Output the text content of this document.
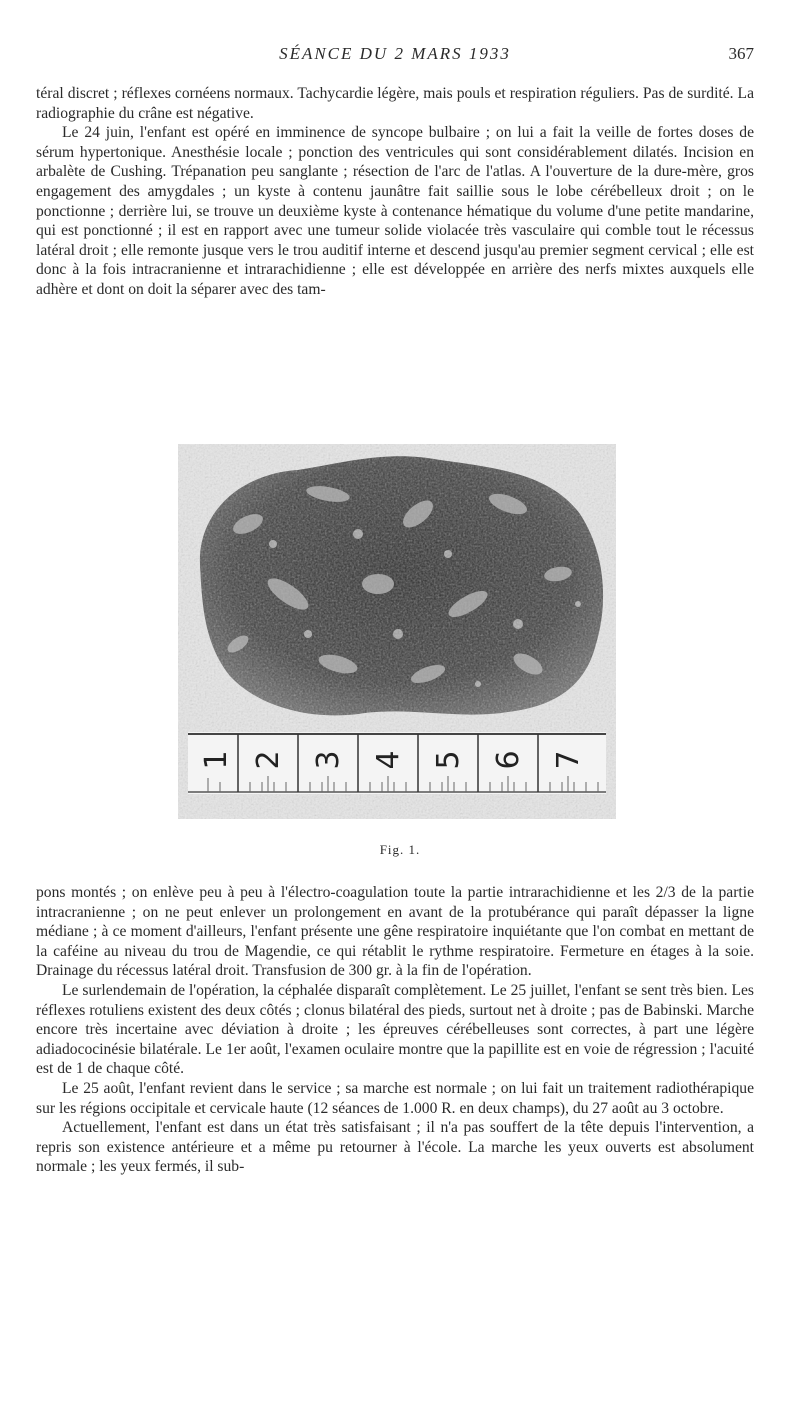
SÉANCE DU 2 MARS 1933	367

téral discret ; réflexes cornéens normaux. Tachycardie légère, mais pouls et respiration réguliers. Pas de surdité. La radiographie du crâne est négative.

Le 24 juin, l'enfant est opéré en imminence de syncope bulbaire ; on lui a fait la veille de fortes doses de sérum hypertonique. Anesthésie locale ; ponction des ventricules qui sont considérablement dilatés. Incision en arbalète de Cushing. Trépanation peu sanglante ; résection de l'arc de l'atlas. A l'ouverture de la dure-mère, gros engagement des amygdales ; un kyste à contenu jaunâtre fait saillie sous le lobe cérébelleux droit ; on le ponctionne ; derrière lui, se trouve un deuxième kyste à contenance hématique du volume d'une petite mandarine, qui est ponctionné ; il est en rapport avec une tumeur solide violacée très vasculaire qui comble tout le récessus latéral droit ; elle remonte jusque vers le trou auditif interne et descend jusqu'au premier segment cervical ; elle est donc à la fois intracranienne et intrarachidienne ; elle est développée en arrière des nerfs mixtes auxquels elle adhère et dont on doit la séparer avec des tam-

1 2 3 4 5 6 7
Fig. 1.

pons montés ; on enlève peu à peu à l'électro-coagulation toute la partie intrarachidienne et les 2/3 de la partie intracranienne ; on ne peut enlever un prolongement en avant de la protubérance qui paraît dépasser la ligne médiane ; à ce moment d'ailleurs, l'enfant présente une gêne respiratoire inquiétante que l'on combat en mettant de la caféine au niveau du trou de Magendie, ce qui rétablit le rythme respiratoire. Fermeture en étages à la soie. Drainage du récessus latéral droit. Transfusion de 300 gr. à la fin de l'opération.

Le surlendemain de l'opération, la céphalée disparaît complètement. Le 25 juillet, l'enfant se sent très bien. Les réflexes rotuliens existent des deux côtés ; clonus bilatéral des pieds, surtout net à droite ; pas de Babinski. Marche encore très incertaine avec déviation à droite ; les épreuves cérébelleuses sont correctes, à part une légère adiadococinésie bilatérale. Le 1er août, l'examen oculaire montre que la papillite est en voie de régression ; l'acuité est de 1 de chaque côté.

Le 25 août, l'enfant revient dans le service ; sa marche est normale ; on lui fait un traitement radiothérapique sur les régions occipitale et cervicale haute (12 séances de 1.000 R. en deux champs), du 27 août au 3 octobre.

Actuellement, l'enfant est dans un état très satisfaisant ; il n'a pas souffert de la tête depuis l'intervention, a repris son existence antérieure et a même pu retourner à l'école. La marche les yeux ouverts est absolument normale ; les yeux fermés, il sub-
